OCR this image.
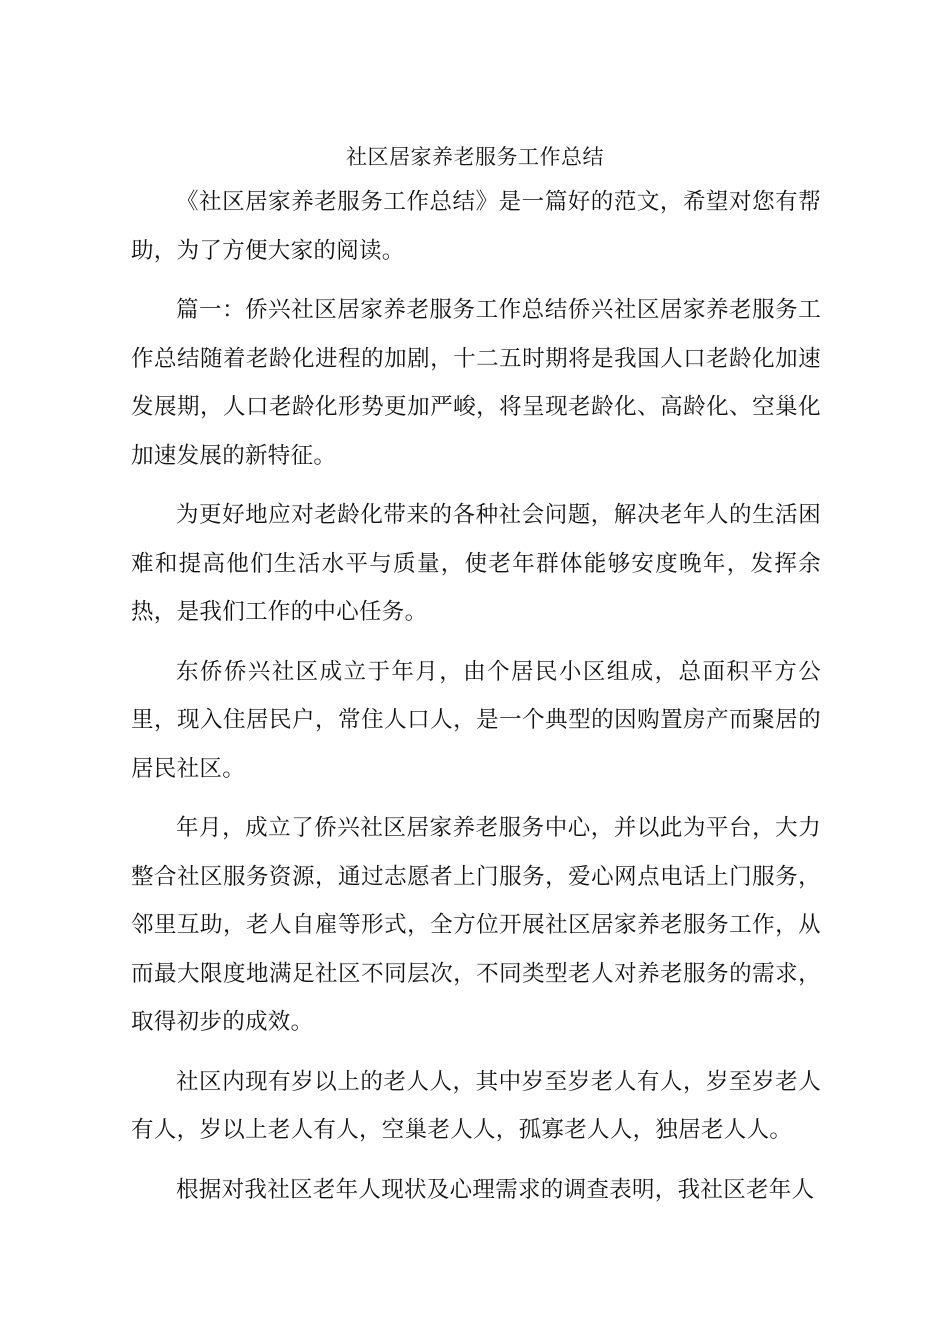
社区居家养老服务工作总结

《社区居家养老服务工作总结》是一篇好的范文，希望对您有帮助，为了方便大家的阅读。

篇一：侨兴社区居家养老服务工作总结侨兴社区居家养老服务工作总结随着老龄化进程的加剧，十二五时期将是我国人口老龄化加速发展期，人口老龄化形势更加严峻，将呈现老龄化、高龄化、空巢化加速发展的新特征。

为更好地应对老龄化带来的各种社会问题，解决老年人的生活困难和提高他们生活水平与质量，使老年群体能够安度晚年，发挥余热，是我们工作的中心任务。

东侨侨兴社区成立于年月，由个居民小区组成，总面积平方公里，现入住居民户，常住人口人，是一个典型的因购置房产而聚居的居民社区。

年月，成立了侨兴社区居家养老服务中心，并以此为平台，大力整合社区服务资源，通过志愿者上门服务，爱心网点电话上门服务，邻里互助，老人自雇等形式，全方位开展社区居家养老服务工作，从而最大限度地满足社区不同层次，不同类型老人对养老服务的需求，取得初步的成效。

社区内现有岁以上的老人人，其中岁至岁老人有人，岁至岁老人有人，岁以上老人有人，空巢老人人，孤寡老人人，独居老人人。

根据对我社区老年人现状及心理需求的调查表明，我社区老年人
